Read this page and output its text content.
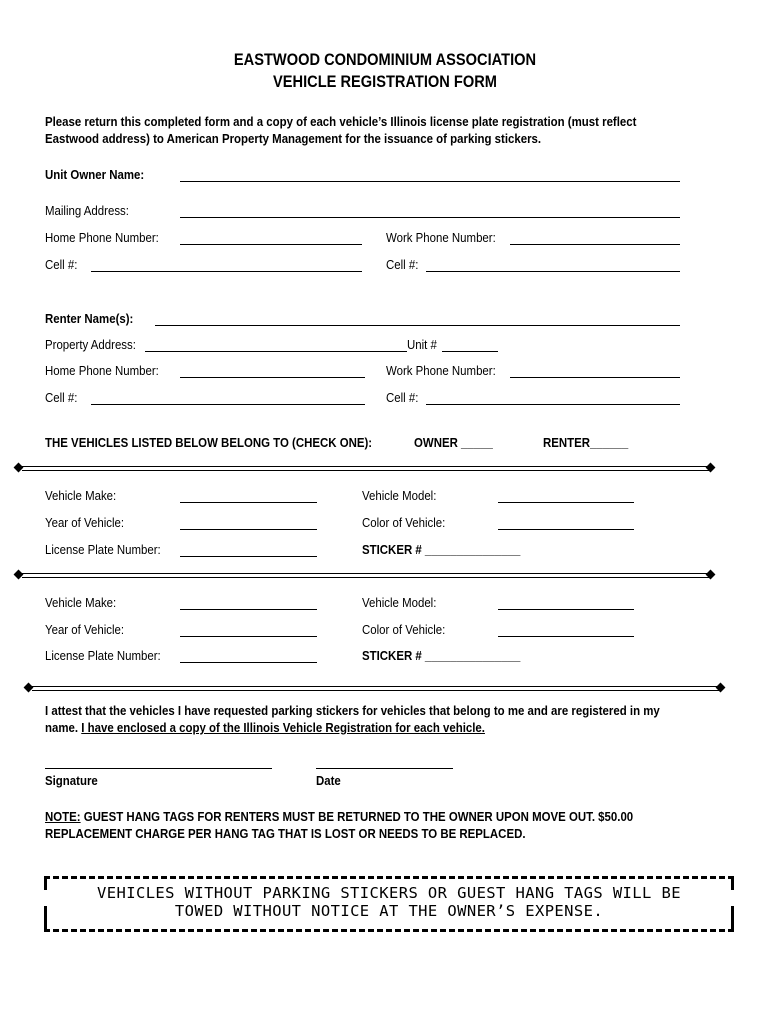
EASTWOOD CONDOMINIUM ASSOCIATION
VEHICLE REGISTRATION FORM
Please return this completed form and a copy of each vehicle’s Illinois license plate registration (must reflect
Eastwood address) to American Property Management for the issuance of parking stickers.
Unit Owner Name:
Mailing Address:
Home Phone Number:	Work Phone Number:
Cell #:	Cell #:
Renter Name(s):
Property Address:	Unit #
Home Phone Number:	Work Phone Number:
Cell #:	Cell #:
THE VEHICLES LISTED BELOW BELONG TO (CHECK ONE):	OWNER _____	RENTER______
Vehicle Make:	Vehicle Model:
Year of Vehicle:	Color of Vehicle:
License Plate Number:	STICKER # _______________
Vehicle Make:	Vehicle Model:
Year of Vehicle:	Color of Vehicle:
License Plate Number:	STICKER # _______________
I attest that the vehicles I have requested parking stickers for vehicles that belong to me and are registered in my
name. I have enclosed a copy of the Illinois Vehicle Registration for each vehicle.
Signature	Date
NOTE: GUEST HANG TAGS FOR RENTERS MUST BE RETURNED TO THE OWNER UPON MOVE OUT. $50.00
REPLACEMENT CHARGE PER HANG TAG THAT IS LOST OR NEEDS TO BE REPLACED.
VEHICLES WITHOUT PARKING STICKERS OR GUEST HANG TAGS WILL BE
TOWED WITHOUT NOTICE AT THE OWNER’S EXPENSE.
